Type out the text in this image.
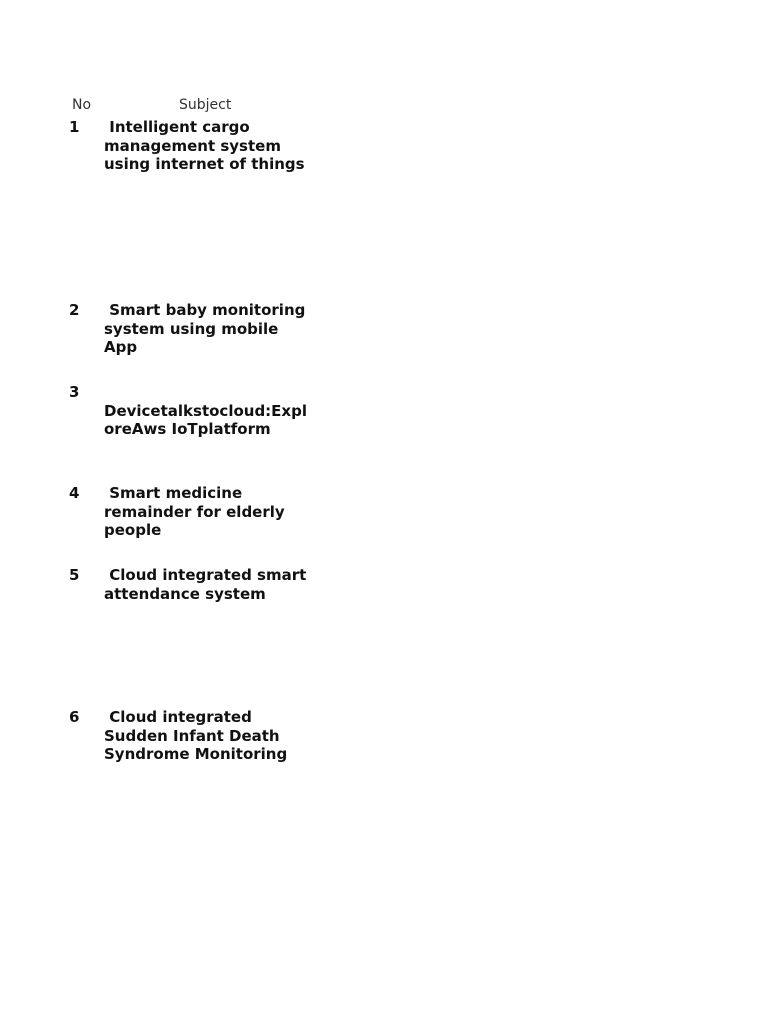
No	Subject
1	Intelligent cargo
management system
using internet of things
2	Smart baby monitoring
system using mobile
App
3

Devicetalkstocloud:Expl
oreAws IoTplatform
4	Smart medicine
remainder for elderly
people
5	Cloud integrated smart
attendance system
6	Cloud integrated
Sudden Infant Death
Syndrome Monitoring
